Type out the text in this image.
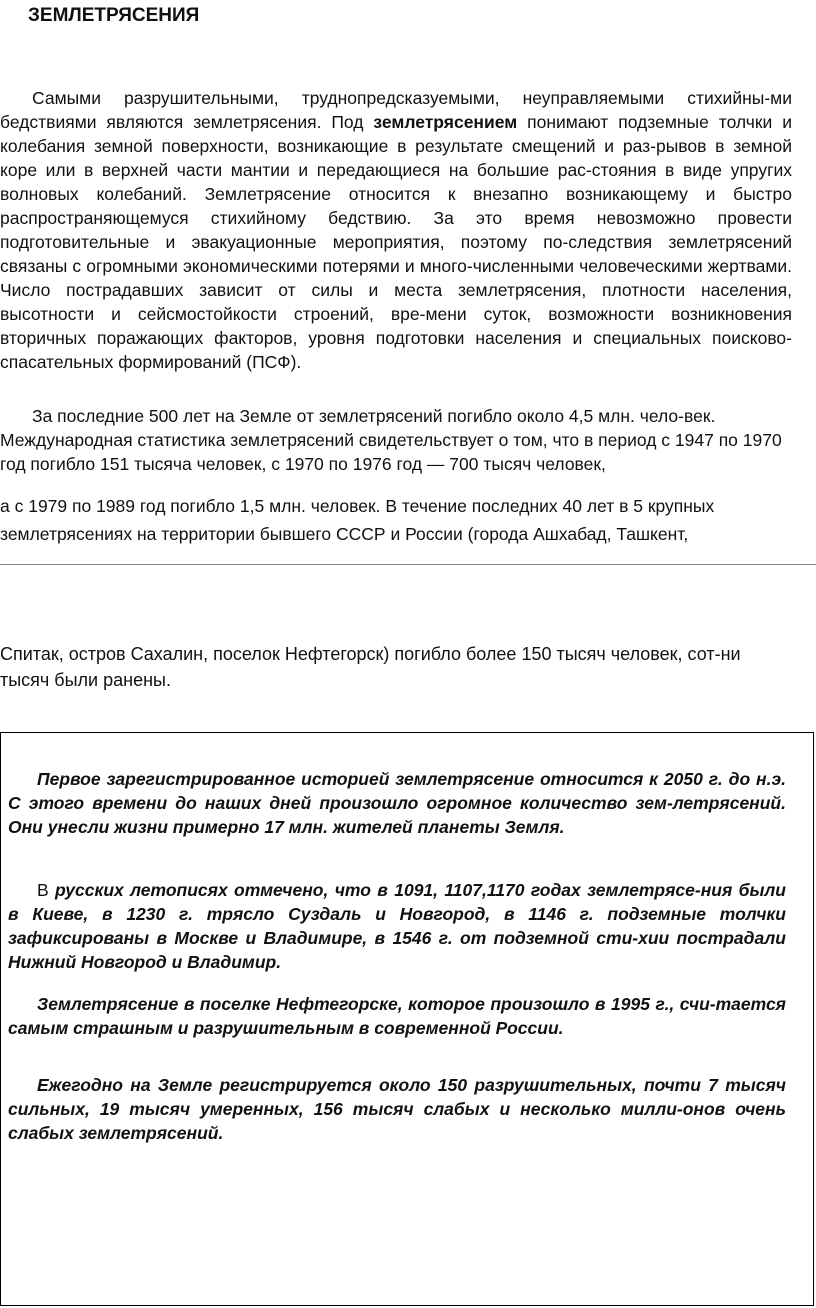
ЗЕМЛЕТРЯСЕНИЯ

Самыми разрушительными, труднопредсказуемыми, неуправляемыми стихийны-ми бедствиями являются землетрясения. Под землетрясением понимают подземные толчки и колебания земной поверхности, возникающие в результате смещений и раз-рывов в земной коре или в верхней части мантии и передающиеся на большие рас-стояния в виде упругих волновых колебаний. Землетрясение относится к внезапно возникающему и быстро распространяющемуся стихийному бедствию. За это время невозможно провести подготовительные и эвакуационные мероприятия, поэтому по-следствия землетрясений связаны с огромными экономическими потерями и много-численными человеческими жертвами. Число пострадавших зависит от силы и места землетрясения, плотности населения, высотности и сейсмостойкости строений, вре-мени суток, возможности возникновения вторичных поражающих факторов, уровня подготовки населения и специальных поисково-спасательных формирований (ПСФ).

За последние 500 лет на Земле от землетрясений погибло около 4,5 млн. чело-век. Международная статистика землетрясений свидетельствует о том, что в период с 1947 по 1970 год погибло 151 тысяча человек, с 1970 по 1976 год — 700 тысяч человек,

а с 1979 по 1989 год погибло 1,5 млн. человек. В течение последних 40 лет в 5 крупных землетрясениях на территории бывшего СССР и России (города Ашхабад, Ташкент,

Спитак, остров Сахалин, поселок Нефтегорск) погибло более 150 тысяч человек, сот-ни тысяч были ранены.

Первое зарегистрированное историей землетрясение относится к 2050 г. до н.э. С этого времени до наших дней произошло огромное количество зем-летрясений. Они унесли жизни примерно 17 млн. жителей планеты Земля.

В русских летописях отмечено, что в 1091, 1107,1170 годах землетрясе-ния были в Киеве, в 1230 г. трясло Суздаль и Новгород, в 1146 г. подземные толчки зафиксированы в Москве и Владимире, в 1546 г. от подземной сти-хии пострадали Нижний Новгород и Владимир.

Землетрясение в поселке Нефтегорске, которое произошло в 1995 г., счи-тается самым страшным и разрушительным в современной России.

Ежегодно на Земле регистрируется около 150 разрушительных, почти 7 тысяч сильных, 19 тысяч умеренных, 156 тысяч слабых и несколько милли-онов очень слабых землетрясений.
